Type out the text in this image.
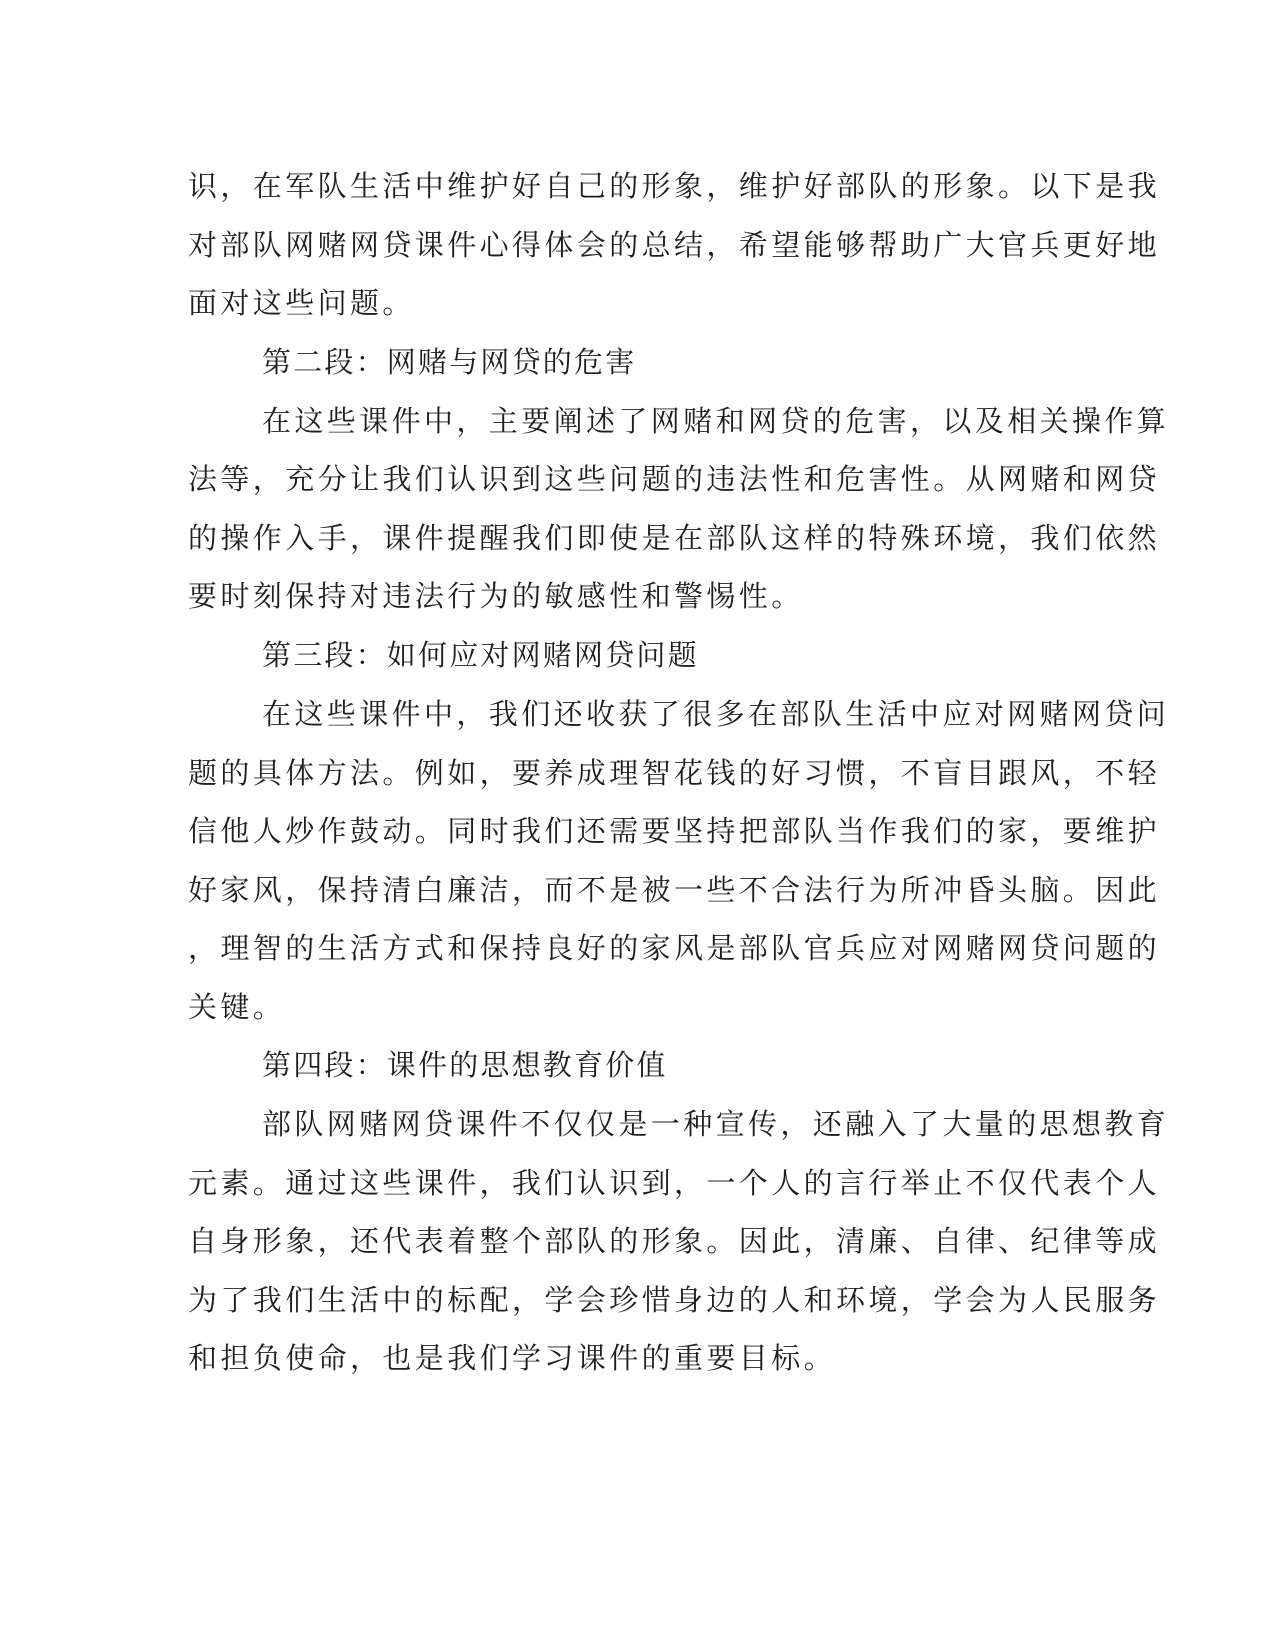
识，在军队生活中维护好自己的形象，维护好部队的形象。以下是我
对部队网赌网贷课件心得体会的总结，希望能够帮助广大官兵更好地
面对这些问题。
第二段：网赌与网贷的危害
在这些课件中，主要阐述了网赌和网贷的危害，以及相关操作算
法等，充分让我们认识到这些问题的违法性和危害性。从网赌和网贷
的操作入手，课件提醒我们即使是在部队这样的特殊环境，我们依然
要时刻保持对违法行为的敏感性和警惕性。
第三段：如何应对网赌网贷问题
在这些课件中，我们还收获了很多在部队生活中应对网赌网贷问
题的具体方法。例如，要养成理智花钱的好习惯，不盲目跟风，不轻
信他人炒作鼓动。同时我们还需要坚持把部队当作我们的家，要维护
好家风，保持清白廉洁，而不是被一些不合法行为所冲昏头脑。因此
，理智的生活方式和保持良好的家风是部队官兵应对网赌网贷问题的
关键。
第四段：课件的思想教育价值
部队网赌网贷课件不仅仅是一种宣传，还融入了大量的思想教育
元素。通过这些课件，我们认识到，一个人的言行举止不仅代表个人
自身形象，还代表着整个部队的形象。因此，清廉、自律、纪律等成
为了我们生活中的标配，学会珍惜身边的人和环境，学会为人民服务
和担负使命，也是我们学习课件的重要目标。
